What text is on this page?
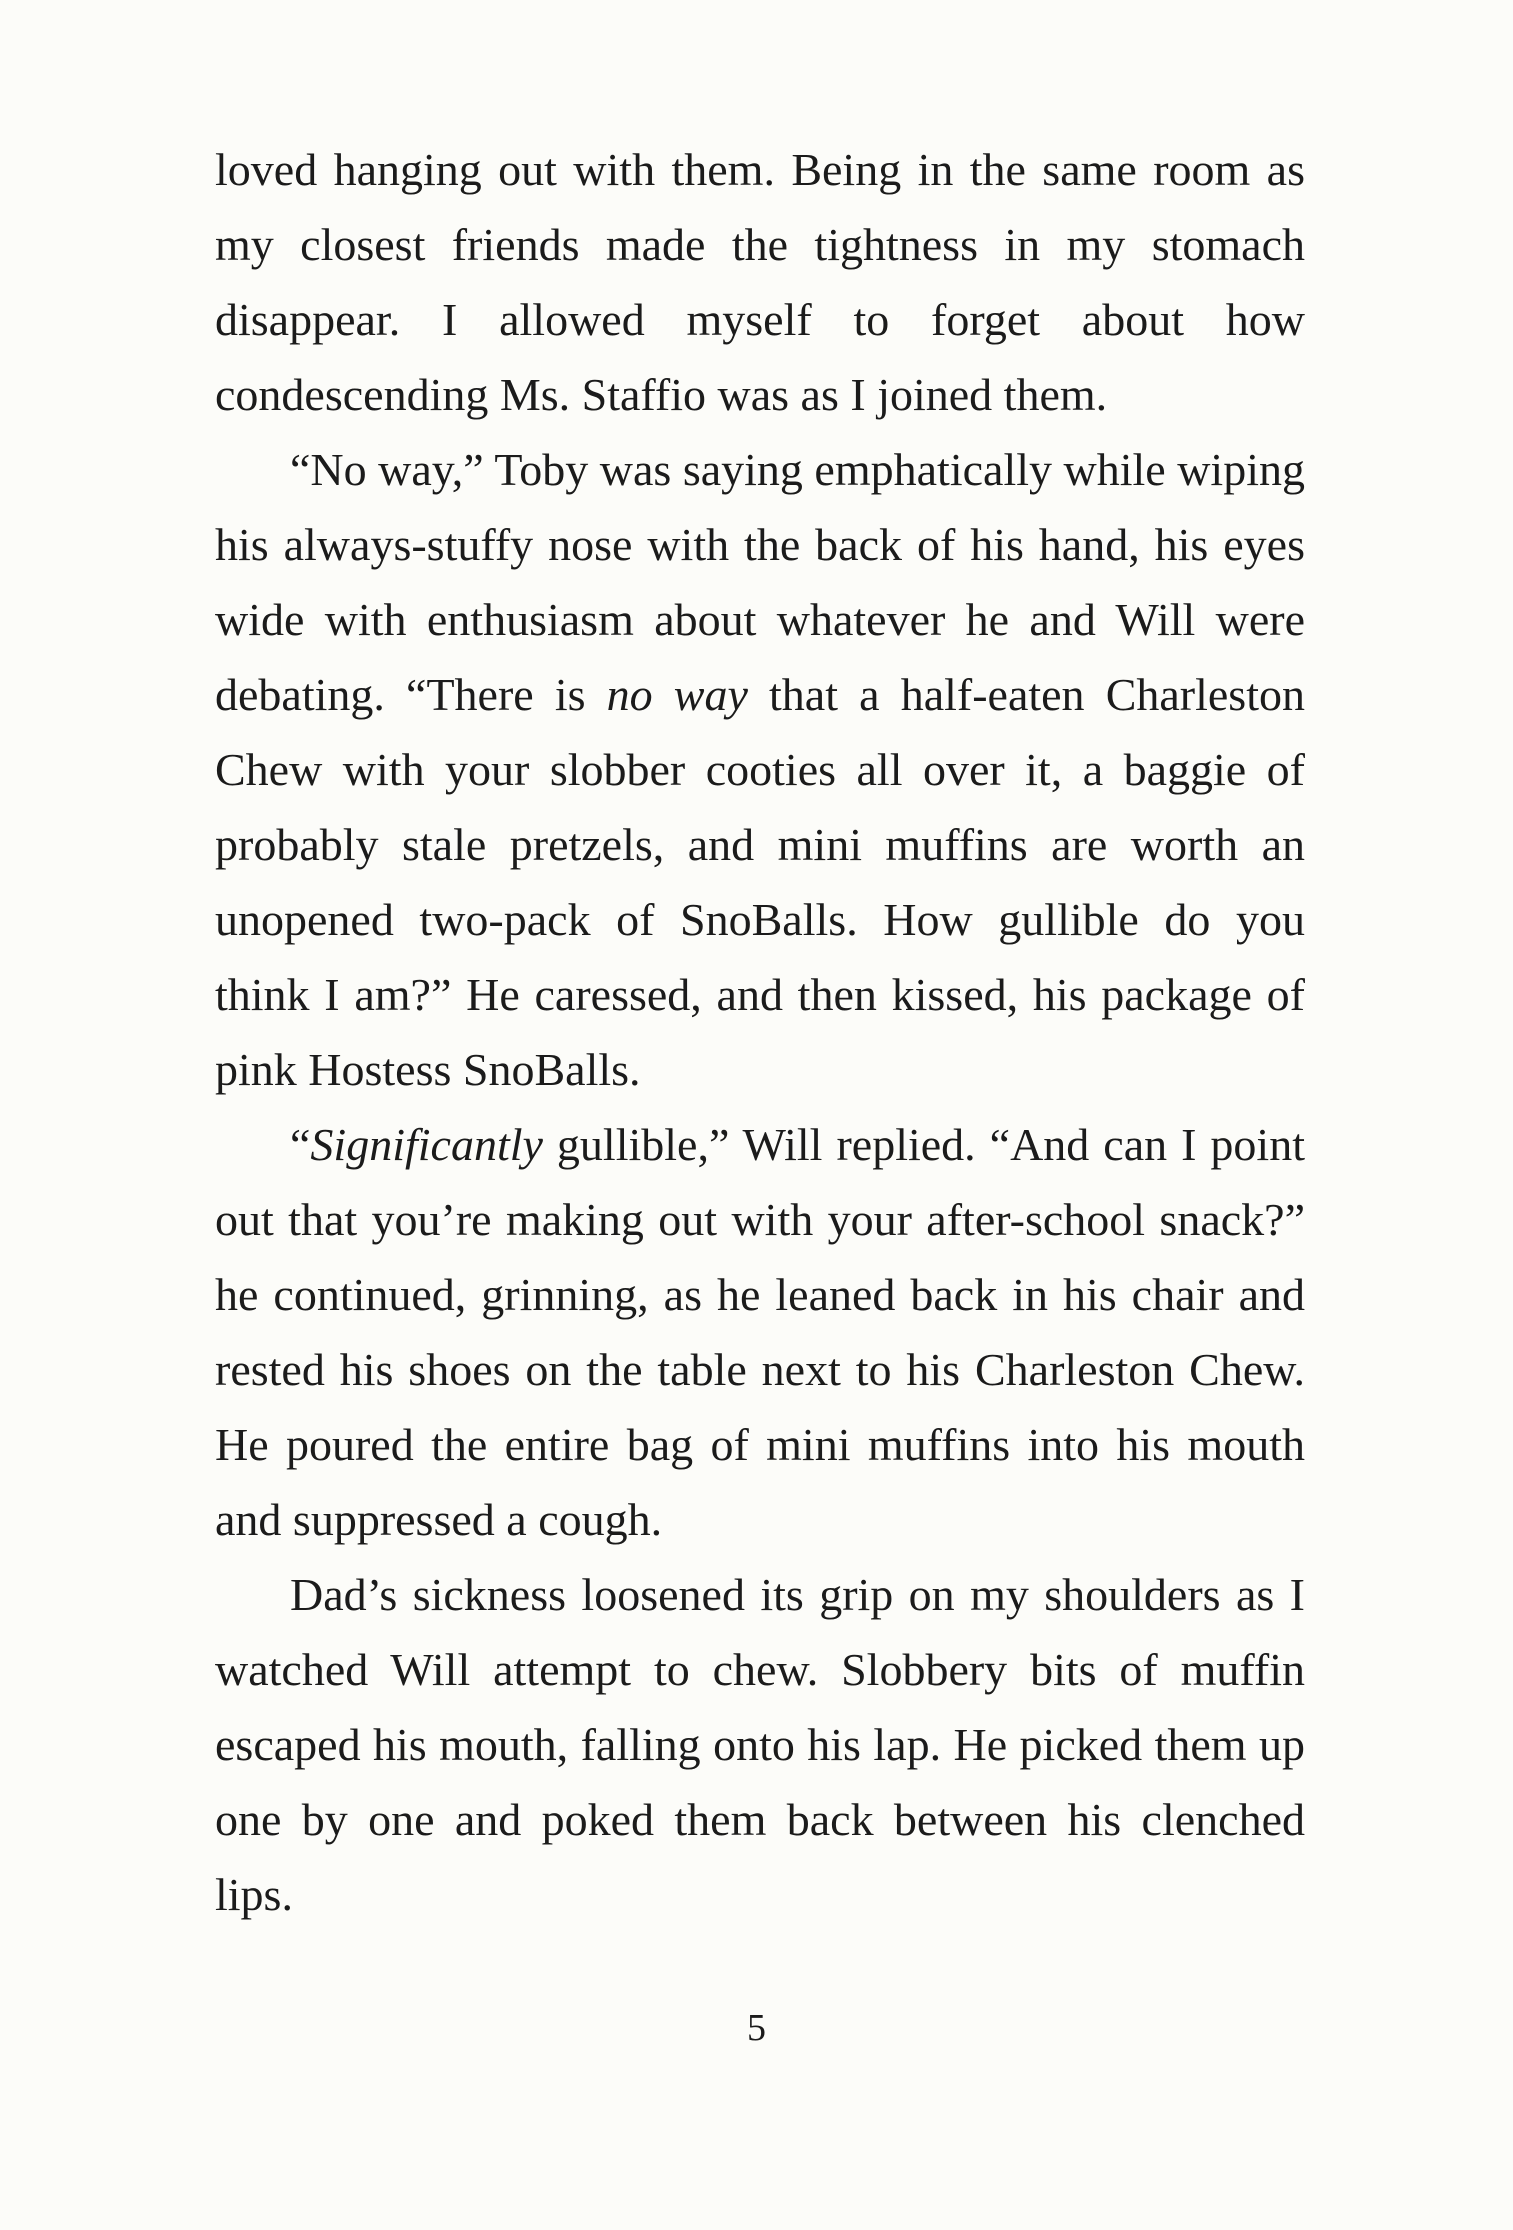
loved hanging out with them. Being in the same room as my closest friends made the tightness in my stomach disappear. I allowed myself to forget about how condescending Ms. Staffio was as I joined them.

“No way,” Toby was saying emphatically while wiping his always-stuffy nose with the back of his hand, his eyes wide with enthusiasm about whatever he and Will were debating. “There is no way that a half-eaten Charleston Chew with your slobber cooties all over it, a baggie of probably stale pretzels, and mini muffins are worth an unopened two-pack of SnoBalls. How gullible do you think I am?” He caressed, and then kissed, his package of pink Hostess SnoBalls.

“Significantly gullible,” Will replied. “And can I point out that you’re making out with your after-school snack?” he continued, grinning, as he leaned back in his chair and rested his shoes on the table next to his Charleston Chew. He poured the entire bag of mini muffins into his mouth and suppressed a cough.

Dad’s sickness loosened its grip on my shoulders as I watched Will attempt to chew. Slobbery bits of muffin escaped his mouth, falling onto his lap. He picked them up one by one and poked them back between his clenched lips.

5
